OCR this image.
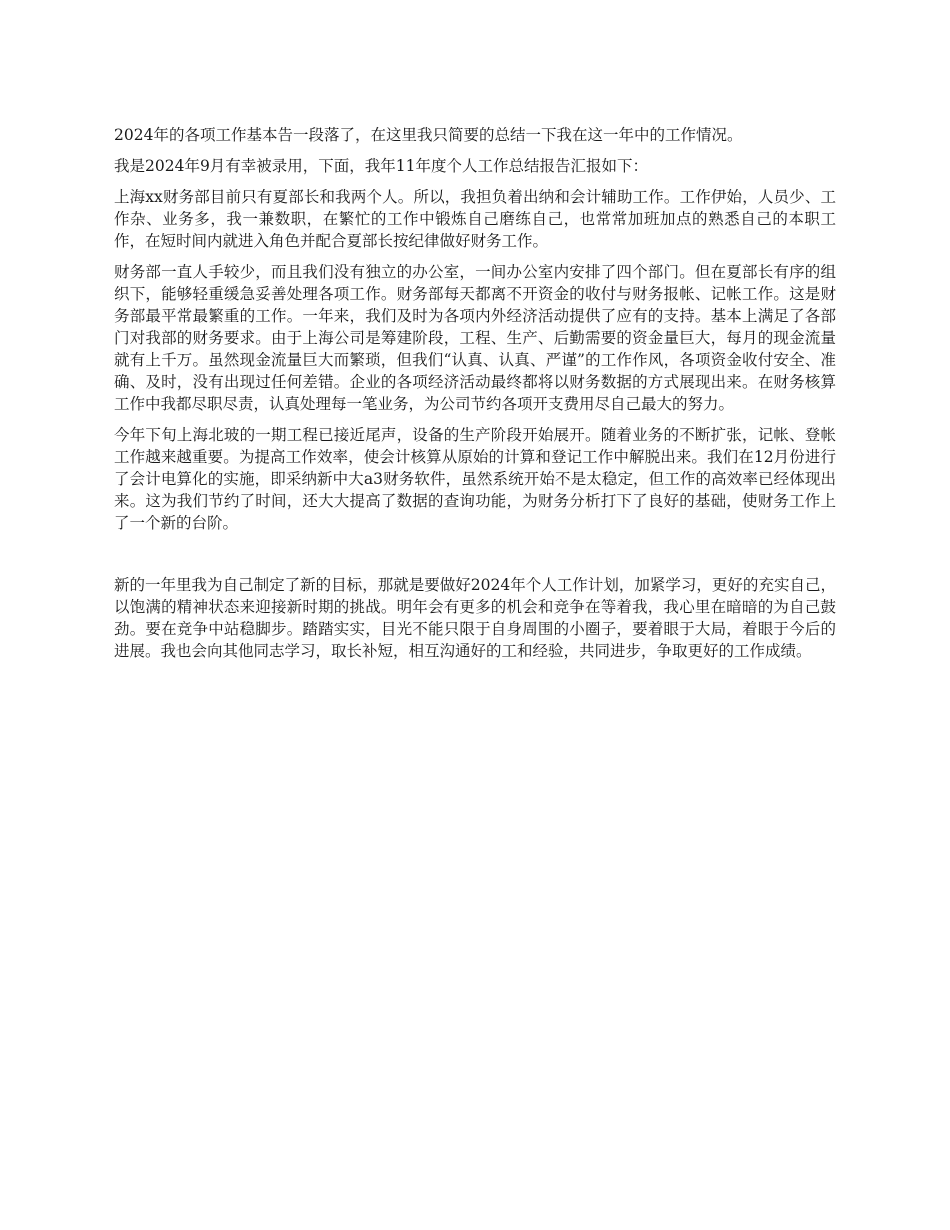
2024年的各项工作基本告一段落了，在这里我只简要的总结一下我在这一年中的工作情况。

我是2024年9月有幸被录用，下面，我年11年度个人工作总结报告汇报如下：

上海xx财务部目前只有夏部长和我两个人。所以，我担负着出纳和会计辅助工作。工作伊始，人员少、工作杂、业务多，我一兼数职，在繁忙的工作中锻炼自己磨练自己，也常常加班加点的熟悉自己的本职工作，在短时间内就进入角色并配合夏部长按纪律做好财务工作。

财务部一直人手较少，而且我们没有独立的办公室，一间办公室内安排了四个部门。但在夏部长有序的组织下，能够轻重缓急妥善处理各项工作。财务部每天都离不开资金的收付与财务报帐、记帐工作。这是财务部最平常最繁重的工作。一年来，我们及时为各项内外经济活动提供了应有的支持。基本上满足了各部门对我部的财务要求。由于上海公司是筹建阶段，工程、生产、后勤需要的资金量巨大，每月的现金流量就有上千万。虽然现金流量巨大而繁琐，但我们“认真、认真、严谨”的工作作风，各项资金收付安全、准确、及时，没有出现过任何差错。企业的各项经济活动最终都将以财务数据的方式展现出来。在财务核算工作中我都尽职尽责，认真处理每一笔业务，为公司节约各项开支费用尽自己最大的努力。

今年下旬上海北玻的一期工程已接近尾声，设备的生产阶段开始展开。随着业务的不断扩张，记帐、登帐工作越来越重要。为提高工作效率，使会计核算从原始的计算和登记工作中解脱出来。我们在12月份进行了会计电算化的实施，即采纳新中大a3财务软件，虽然系统开始不是太稳定，但工作的高效率已经体现出来。这为我们节约了时间，还大大提高了数据的查询功能，为财务分析打下了良好的基础，使财务工作上了一个新的台阶。

新的一年里我为自己制定了新的目标，那就是要做好2024年个人工作计划，加紧学习，更好的充实自己，以饱满的精神状态来迎接新时期的挑战。明年会有更多的机会和竞争在等着我，我心里在暗暗的为自己鼓劲。要在竞争中站稳脚步。踏踏实实，目光不能只限于自身周围的小圈子，要着眼于大局，着眼于今后的进展。我也会向其他同志学习，取长补短，相互沟通好的工和经验，共同进步，争取更好的工作成绩。
